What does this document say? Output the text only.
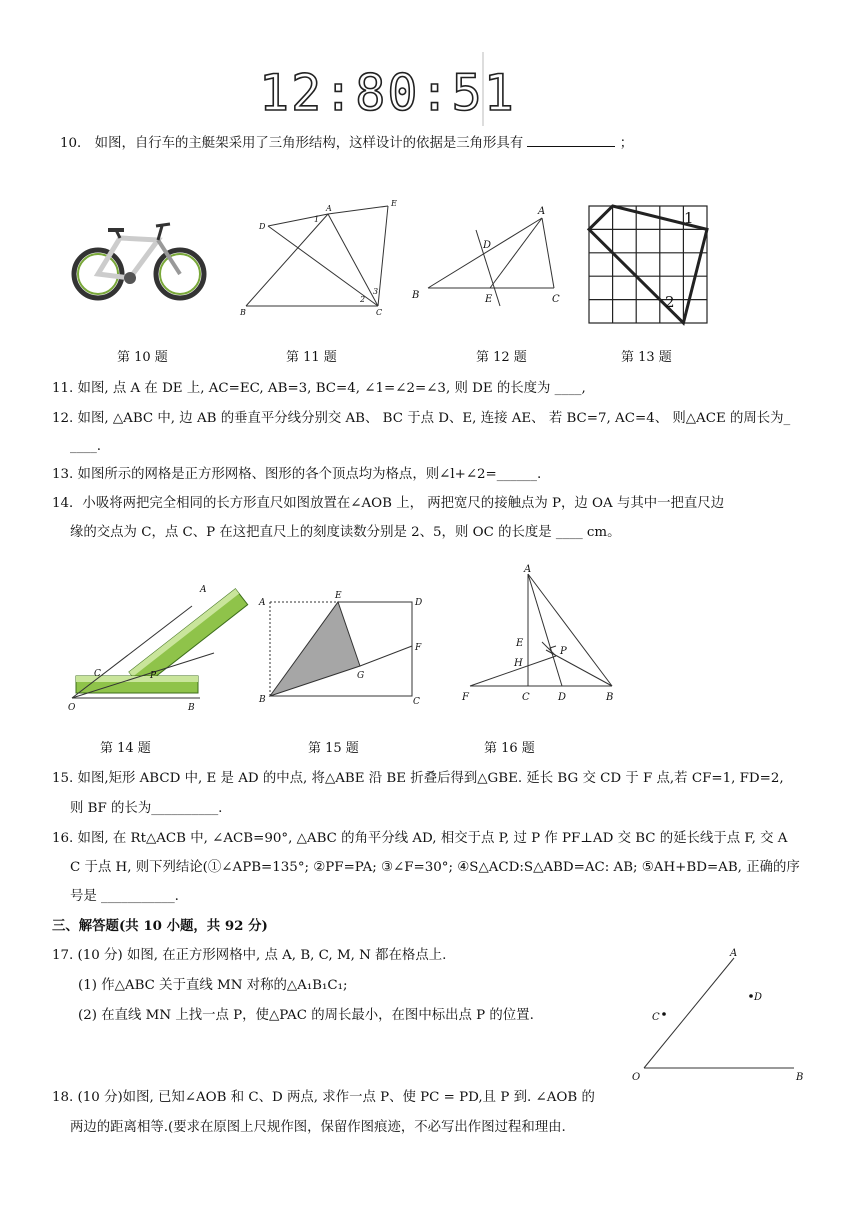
12:80:51
10． 如图，自行车的主艇架采用了三角形结构，这样设计的依据是三角形具有	；
D
A
E
B	C
1
2
3
A
D
B	E	C
1
2
第 10 题	第 11 题	第 12 题	第 13 题
11. 如图, 点 A 在 DE 上, AC=EC, AB=3, BC=4, ∠1=∠2=∠3, 则 DE 的长度为 ____,
12. 如图, △ABC 中, 边 AB 的垂直平分线分别交 AB、 BC 于点 D、E, 连接 AE、 若 BC=7, AC=4、 则△ACE 的周长为_
____.
13. 如图所示的网格是正方形网格、图形的各个顶点均为格点，则∠l+∠2=______.
14．小吸将两把完全相同的长方形直尺如图放置在∠AOB 上， 两把宽尺的接触点为 P，边 OA 与其中一把直尺边
缘的交点为 C，点 C、P 在这把直尺上的刻度读数分别是 2、5，则 OC 的长度是 ____ cm。
A
C	P
O	B
A
E
D
F
G
B	C
A
E
P
H
F	C	D	B
第 14 题	第 15 题	第 16 题
15. 如图,矩形 ABCD 中, E 是 AD 的中点, 将△ABE 沿 BE 折叠后得到△GBE. 延长 BG 交 CD 于 F 点,若 CF=1, FD=2,
则 BF 的长为__________.
16. 如图, 在 Rt△ACB 中, ∠ACB=90°, △ABC 的角平分线 AD, 相交于点 P, 过 P 作 PF⊥AD 交 BC 的延长线于点 F, 交 A
C 于点 H, 则下列结论(①∠APB=135°; ②PF=PA; ③∠F=30°; ④S△ACD:S△ABD=AC: AB; ⑤AH+BD=AB, 正确的序
号是 ___________.
三、解答题(共 10 小题，共 92 分)
17. (10 分) 如图, 在正方形网格中, 点 A, B, C, M, N 都在格点上.
(1) 作△ABC 关于直线 MN 对称的△A₁B₁C₁;
(2) 在直线 MN 上找一点 P，使△PAC 的周长最小，在图中标出点 P 的位置.
A
D
C
O	B
18. (10 分)如图, 已知∠AOB 和 C、D 两点, 求作一点 P、使 PC = PD,且 P 到. ∠AOB 的
两边的距离相等.(要求在原图上尺规作图，保留作图痕迹，不必写出作图过程和理由.
